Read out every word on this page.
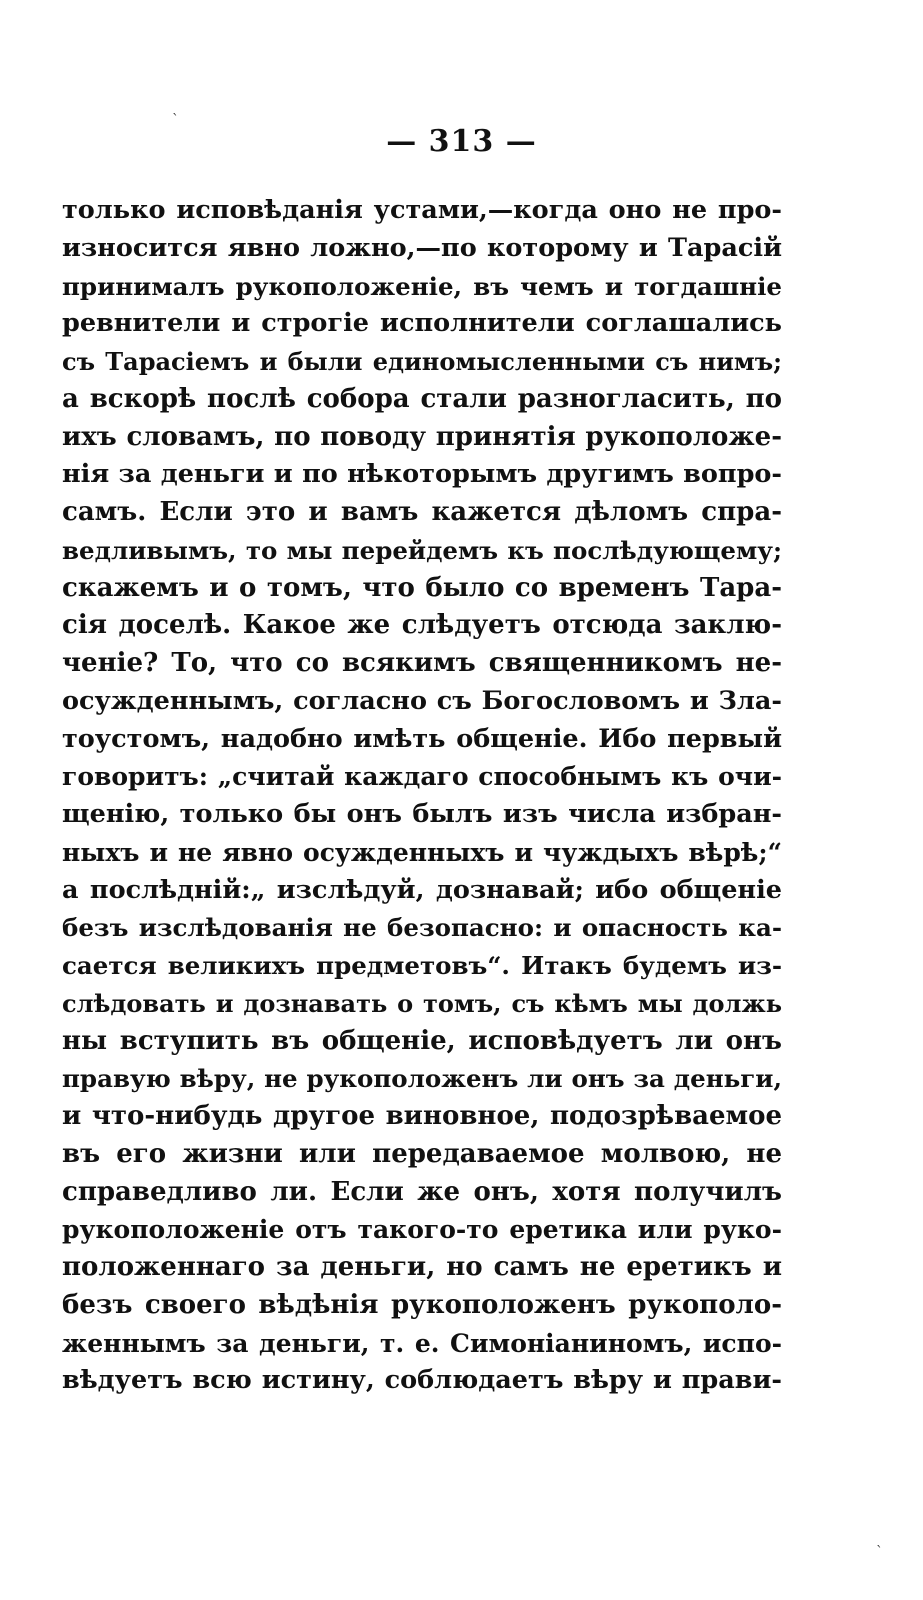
ˋ
— 313 —
только исповѣданія устами,—когда оно не про-
износится явно ложно,—по которому и Тарасій
принималъ рукоположеніе, въ чемъ и тогдашніе
ревнители и строгіе исполнители соглашались
съ Тарасіемъ и были единомысленными съ нимъ;
а вскорѣ послѣ собора стали разногласить, по
ихъ словамъ, по поводу принятія рукоположе-
нія за деньги и по нѣкоторымъ другимъ вопро-
самъ. Если это и вамъ кажется дѣломъ спра-
ведливымъ, то мы перейдемъ къ послѣдующему;
скажемъ и о томъ, что было со временъ Тара-
сія доселѣ. Какое же слѣдуетъ отсюда заклю-
ченіе? То, что со всякимъ священникомъ не-
осужденнымъ, согласно съ Богословомъ и Зла-
тоустомъ, надобно имѣть общеніе. Ибо первый
говоритъ: „считай каждаго способнымъ къ очи-
щенію, только бы онъ былъ изъ числа избран-
ныхъ и не явно осужденныхъ и чуждыхъ вѣрѣ;“
а послѣдній:„ изслѣдуй, дознавай; ибо общеніе
безъ изслѣдованія не безопасно: и опасность ка-
сается великихъ предметовъ“. Итакъ будемъ из-
слѣдовать и дознавать о томъ, съ кѣмъ мы должь
ны вступить въ общеніе, исповѣдуетъ ли онъ
правую вѣру, не рукоположенъ ли онъ за деньги,
и что-нибудь другое виновное, подозрѣваемое
въ его жизни или передаваемое молвою, не
справедливо ли. Если же онъ, хотя получилъ
рукоположеніе отъ такого-то еретика или руко-
положеннаго за деньги, но самъ не еретикъ и
безъ своего вѣдѣнія рукоположенъ рукополо-
женнымъ за деньги, т. е. Симоніаниномъ, испо-
вѣдуетъ всю истину, соблюдаетъ вѣру и прави-
ˋ
